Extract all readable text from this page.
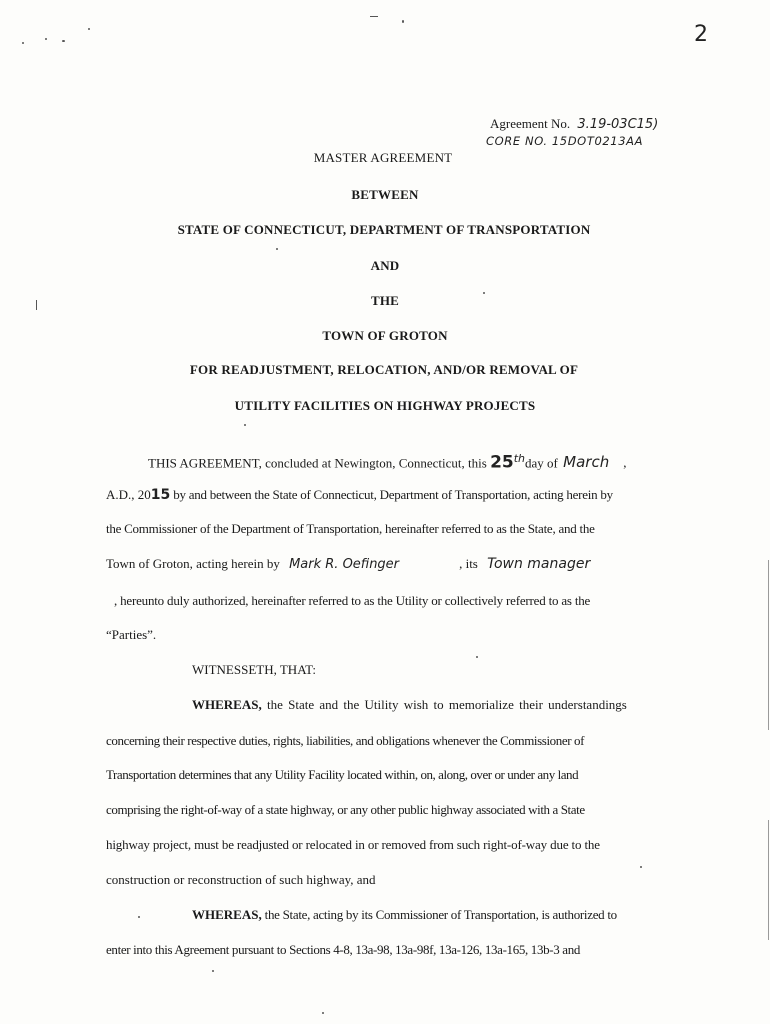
2
Agreement No. 3.19-03C15)
CORE NO. 15DOT0213AA
MASTER AGREEMENT
BETWEEN
STATE OF CONNECTICUT, DEPARTMENT OF TRANSPORTATION
AND
THE
TOWN OF GROTON
FOR READJUSTMENT, RELOCATION, AND/OR REMOVAL OF
UTILITY FACILITIES ON HIGHWAY PROJECTS
THIS AGREEMENT, concluded at Newington, Connecticut, this 25thday of March ,
A.D., 2015 by and between the State of Connecticut, Department of Transportation, acting herein by
the Commissioner of the Department of Transportation, hereinafter referred to as the State, and the
Town of Groton, acting herein by Mark R. Oefinger	, its Town manager
, hereunto duly authorized, hereinafter referred to as the Utility or collectively referred to as the
“Parties”.
WITNESSETH, THAT:
WHEREAS, the State and the Utility wish to memorialize their understandings
concerning their respective duties, rights, liabilities, and obligations whenever the Commissioner of
Transportation determines that any Utility Facility located within, on, along, over or under any land
comprising the right-of-way of a state highway, or any other public highway associated with a State
highway project, must be readjusted or relocated in or removed from such right-of-way due to the
construction or reconstruction of such highway, and
WHEREAS, the State, acting by its Commissioner of Transportation, is authorized to
enter into this Agreement pursuant to Sections 4-8, 13a-98, 13a-98f, 13a-126, 13a-165, 13b-3 and
